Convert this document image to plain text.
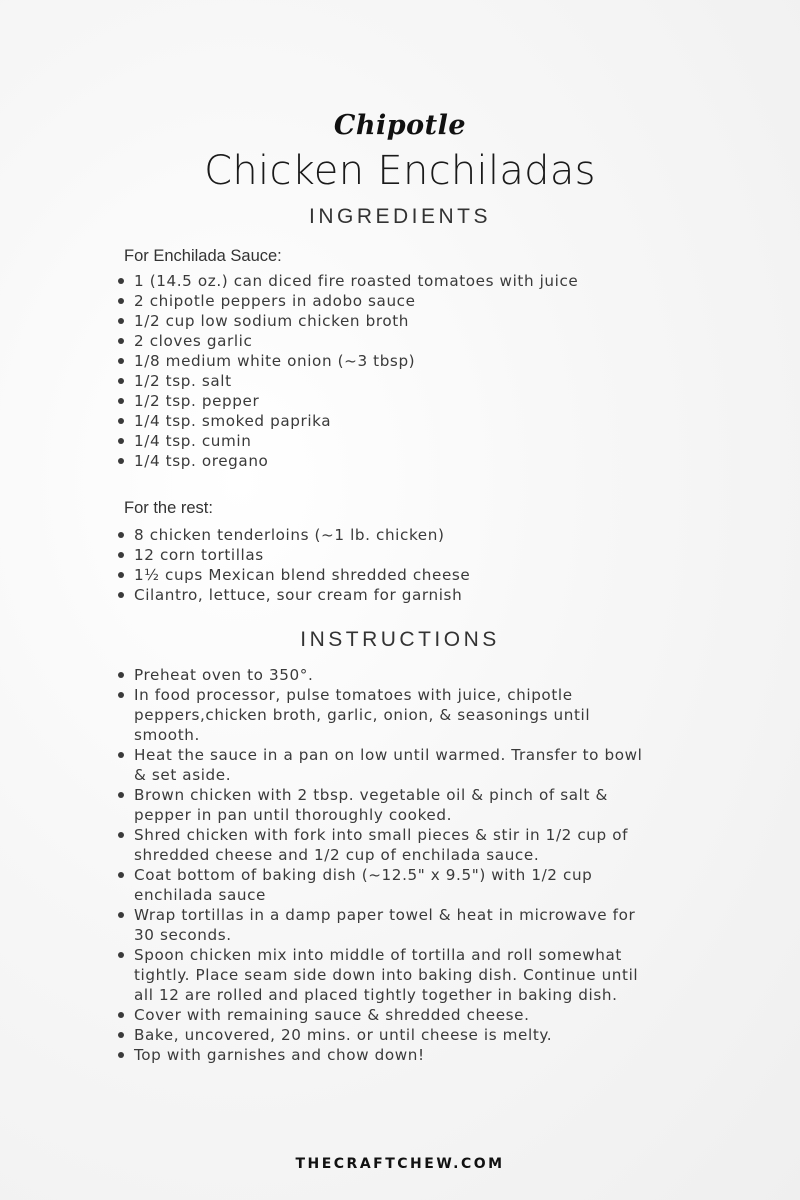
Chipotle
Chicken Enchiladas
INGREDIENTS
For Enchilada Sauce:
1 (14.5 oz.) can diced fire roasted tomatoes with juice
2 chipotle peppers in adobo sauce
1/2 cup low sodium chicken broth
2 cloves garlic
1/8 medium white onion (~3 tbsp)
1/2 tsp. salt
1/2 tsp. pepper
1/4 tsp. smoked paprika
1/4 tsp. cumin
1/4 tsp. oregano
For the rest:
8 chicken tenderloins (~1 lb. chicken)
12 corn tortillas
1½ cups Mexican blend shredded cheese
Cilantro, lettuce, sour cream for garnish
INSTRUCTIONS
Preheat oven to 350°.
In food processor, pulse tomatoes with juice, chipotle peppers,chicken broth, garlic, onion, & seasonings until smooth.
Heat the sauce in a pan on low until warmed. Transfer to bowl & set aside.
Brown chicken with 2 tbsp. vegetable oil & pinch of salt & pepper in pan until thoroughly cooked.
Shred chicken with fork into small pieces & stir in 1/2 cup of shredded cheese and 1/2 cup of enchilada sauce.
Coat bottom of baking dish (~12.5" x 9.5") with 1/2 cup enchilada sauce
Wrap tortillas in a damp paper towel & heat in microwave for 30 seconds.
Spoon chicken mix into middle of tortilla and roll somewhat tightly. Place seam side down into baking dish. Continue until all 12 are rolled and placed tightly together in baking dish.
Cover with remaining sauce & shredded cheese.
Bake, uncovered, 20 mins. or until cheese is melty.
Top with garnishes and chow down!
THECRAFTCHEW.COM
